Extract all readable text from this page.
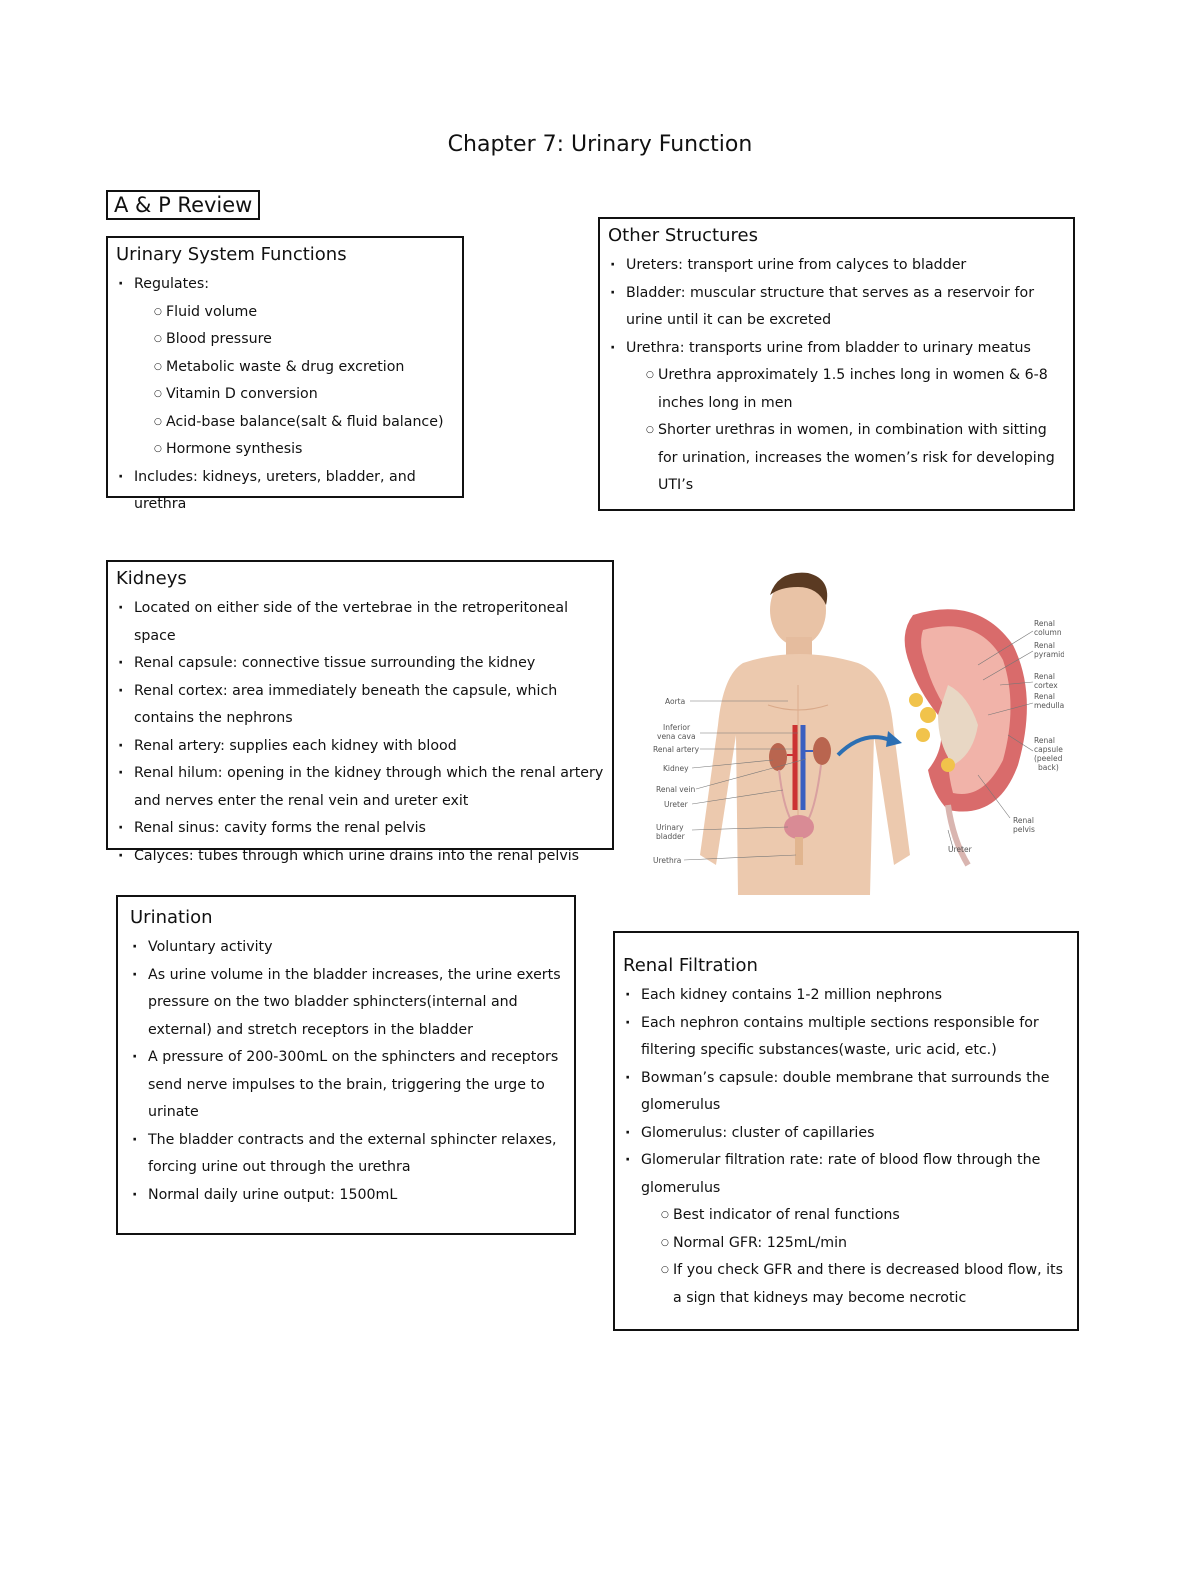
Chapter 7: Urinary Function
A & P Review
Urinary System Functions
· Regulates:
○ Fluid volume
○ Blood pressure
○ Metabolic waste & drug excretion
○ Vitamin D conversion
○ Acid-base balance(salt & fluid balance)
○ Hormone synthesis
· Includes: kidneys, ureters, bladder, and urethra
Other Structures
· Ureters: transport urine from calyces to bladder
· Bladder: muscular structure that serves as a reservoir for urine until it can be excreted
· Urethra: transports urine from bladder to urinary meatus
○ Urethra approximately 1.5 inches long in women & 6-8 inches long in men
○ Shorter urethras in women, in combination with sitting for urination, increases the women’s risk for developing UTI’s
Kidneys
· Located on either side of the vertebrae in the retroperitoneal space
· Renal capsule: connective tissue surrounding the kidney
· Renal cortex: area immediately beneath the capsule, which contains the nephrons
· Renal artery: supplies each kidney with blood
· Renal hilum: opening in the kidney through which the renal artery and nerves enter the renal vein and ureter exit
· Renal sinus: cavity forms the renal pelvis
· Calyces: tubes through which urine drains into the renal pelvis
Aorta
Inferior
vena cava
Renal artery
Kidney
Renal vein
Ureter
Urinary
bladder
Urethra
Renal
column
Renal
pyramid
Renal
cortex
Renal
medulla
Renal
capsule
(peeled
back)
Renal
pelvis
Ureter
Urination
· Voluntary activity
· As urine volume in the bladder increases, the urine exerts pressure on the two bladder sphincters(internal and external) and stretch receptors in the bladder
· A pressure of 200-300mL on the sphincters and receptors send nerve impulses to the brain, triggering the urge to urinate
· The bladder contracts and the external sphincter relaxes, forcing urine out through the urethra
· Normal daily urine output: 1500mL
Renal Filtration
· Each kidney contains 1-2 million nephrons
· Each nephron contains multiple sections responsible for filtering specific substances(waste, uric acid, etc.)
· Bowman’s capsule: double membrane that surrounds the glomerulus
· Glomerulus: cluster of capillaries
· Glomerular filtration rate: rate of blood flow through the glomerulus
○ Best indicator of renal functions
○ Normal GFR: 125mL/min
○ If you check GFR and there is decreased blood flow, its a sign that kidneys may become necrotic
